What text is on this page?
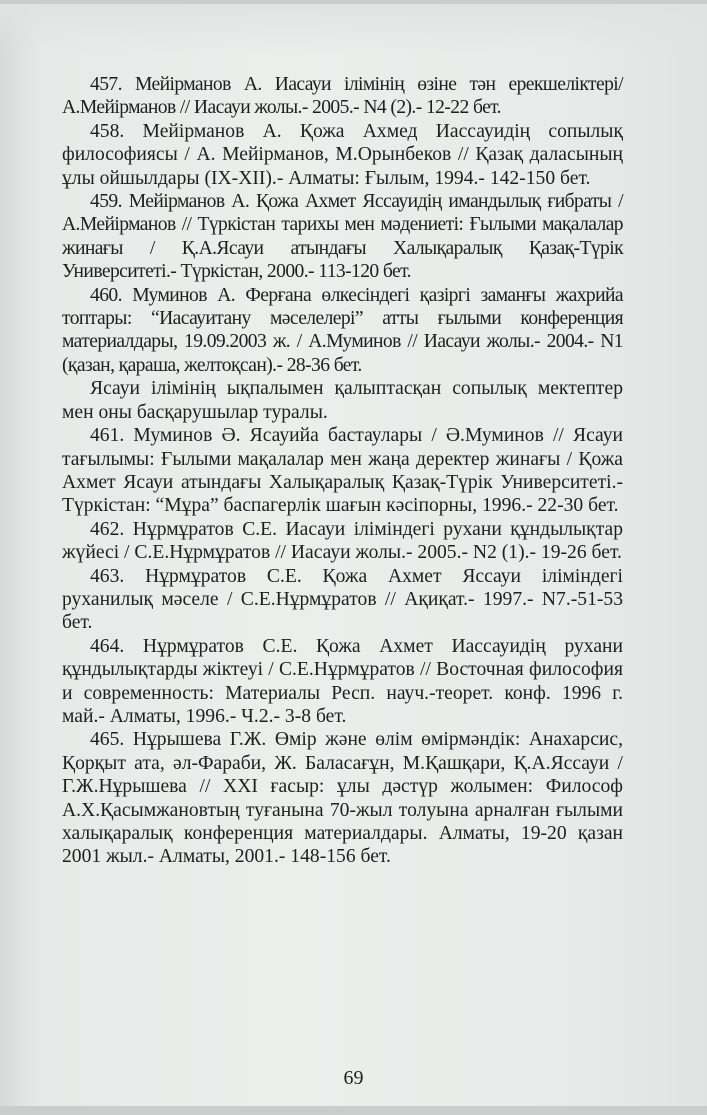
457. Мейірманов А. Иасауи ілімінің өзіне тән ерекшеліктері/ А.Мейірманов // Иасауи жолы.- 2005.- N4 (2).- 12-22 бет.

458. Мейірманов А. Қожа Ахмед Иассауидің сопылық философиясы / А. Мейірманов, М.Орынбеков // Қазақ даласының ұлы ойшылдары (IX-XII).- Алматы: Ғылым, 1994.- 142-150 бет.

459. Мейірманов А. Қожа Ахмет Яссауидің имандылық ғибраты / А.Мейірманов // Түркістан тарихы мен мәдениеті: Ғылыми мақалалар жинағы / Қ.А.Ясауи атындағы Халықаралық Қазақ-Түрік Университеті.- Түркістан, 2000.- 113-120 бет.

460. Муминов А. Ферғана өлкесіндегі қазіргі заманғы жахрийа топтары: “Иасауитану мәселелері” атты ғылыми конференция материалдары, 19.09.2003 ж. / А.Муминов // Иасауи жолы.- 2004.- N1 (қазан, қараша, желтоқсан).- 28-36 бет.

Ясауи ілімінің ықпалымен қалыптасқан сопылық мектептер мен оны басқарушылар туралы.

461. Муминов Ә. Ясауийа бастаулары / Ә.Муминов // Ясауи тағылымы: Ғылыми мақалалар мен жаңа деректер жинағы / Қожа Ахмет Ясауи атындағы Халықаралық Қазақ-Түрік Университеті.- Түркістан: “Мұра” баспагерлік шағын кәсіпорны, 1996.- 22-30 бет.

462. Нұрмұратов С.Е. Иасауи іліміндегі рухани құндылықтар жүйесі / С.Е.Нұрмұратов // Иасауи жолы.- 2005.- N2 (1).- 19-26 бет.

463. Нұрмұратов С.Е. Қожа Ахмет Яссауи іліміндегі руханилық мәселе / С.Е.Нұрмұратов // Ақиқат.- 1997.- N7.-51-53 бет.

464. Нұрмұратов С.Е. Қожа Ахмет Иассауидің рухани құндылықтарды жіктеуі / С.Е.Нұрмұратов // Восточная философия и современность: Материалы Респ. науч.-теорет. конф. 1996 г. май.- Алматы, 1996.- Ч.2.- 3-8 бет.

465. Нұрышева Г.Ж. Өмір және өлім өмірмәндік: Анахарсис, Қорқыт ата, әл-Фараби, Ж. Баласағұн, М.Қашқари, Қ.А.Яссауи / Г.Ж.Нұрышева // XXI ғасыр: ұлы дәстүр жолымен: Философ А.Х.Қасымжановтың туғанына 70-жыл толуына арналған ғылыми халықаралық конференция материалдары. Алматы, 19-20 қазан 2001 жыл.- Алматы, 2001.- 148-156 бет.

69
